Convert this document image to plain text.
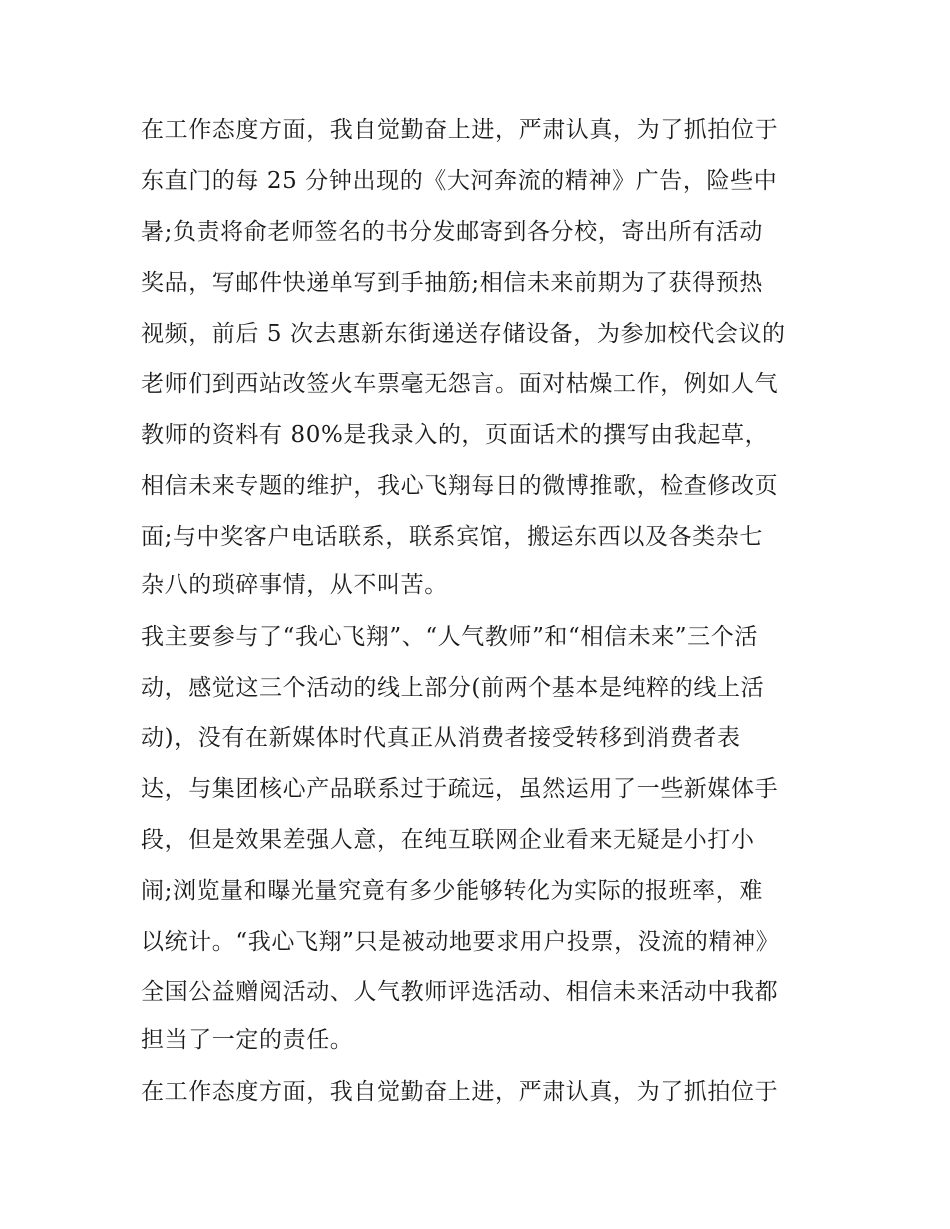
在工作态度方面，我自觉勤奋上进，严肃认真，为了抓拍位于

东直门的每 25 分钟出现的《大河奔流的精神》广告，险些中

暑;负责将俞老师签名的书分发邮寄到各分校，寄出所有活动

奖品，写邮件快递单写到手抽筋;相信未来前期为了获得预热

视频，前后 5 次去惠新东街递送存储设备，为参加校代会议的

老师们到西站改签火车票毫无怨言。面对枯燥工作，例如人气

教师的资料有 80%是我录入的，页面话术的撰写由我起草，

相信未来专题的维护，我心飞翔每日的微博推歌，检查修改页

面;与中奖客户电话联系，联系宾馆，搬运东西以及各类杂七

杂八的琐碎事情，从不叫苦。

我主要参与了“我心飞翔”、“人气教师”和“相信未来”三个活

动，感觉这三个活动的线上部分(前两个基本是纯粹的线上活

动)，没有在新媒体时代真正从消费者接受转移到消费者表

达，与集团核心产品联系过于疏远，虽然运用了一些新媒体手

段，但是效果差强人意，在纯互联网企业看来无疑是小打小

闹;浏览量和曝光量究竟有多少能够转化为实际的报班率，难

以统计。“我心飞翔”只是被动地要求用户投票，没流的精神》

全国公益赠阅活动、人气教师评选活动、相信未来活动中我都

担当了一定的责任。

在工作态度方面，我自觉勤奋上进，严肃认真，为了抓拍位于
